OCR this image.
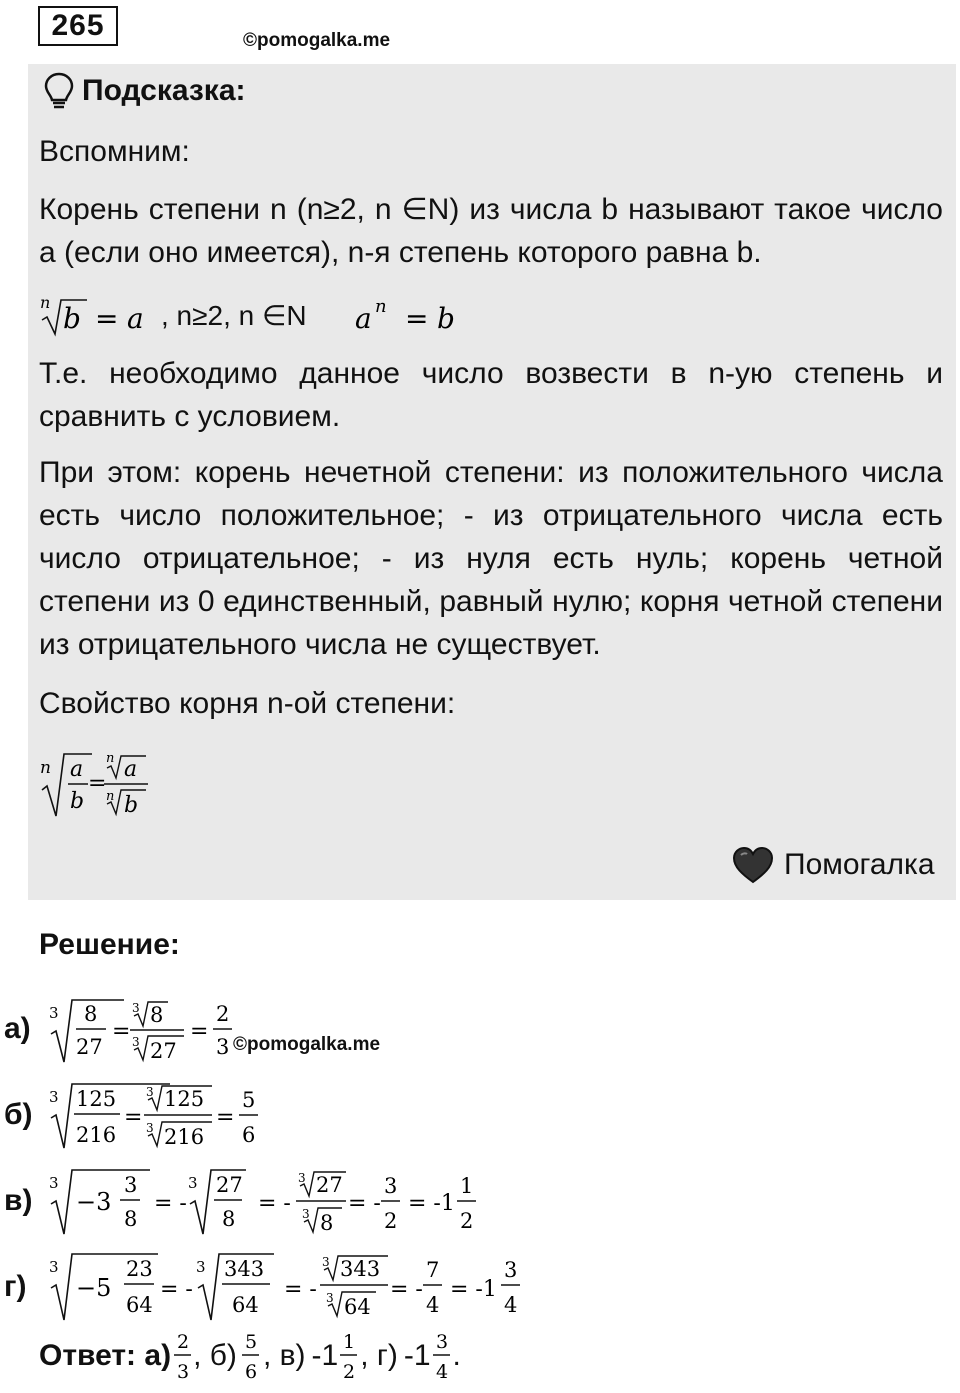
265	©pomogalka.me
Подсказка:
Вспомним:
Корень степени n (n≥2, n ∈N) из числа b называют такое число a (если оно имеется), n-я степень которого равна b.
n b = a , n≥2, n ∈N a n = b
Т.е. необходимо данное число возвести в n-ую степень и сравнить с условием.
При этом: корень нечетной степени: из положительного числа есть число положительное; - из отрицательного числа есть число отрицательное; - из нуля есть нуль; корень четной степени из 0 единственный, равный нулю; корня четной степени из отрицательного числа не существует.
Свойство корня n-ой степени:
n a
b
=
n a
n b
Помогалка
Решение:
а) 3 8
27
=
3 8
3 27
=
2
3 ©pomogalka.me
б)
3 125
216
=
3 125
3 216
=
5
6
в)
3
−3
3
8
= -
3 27
8
= -
3 27
3 8
= -
3
2
= -1
1
2
г)
3
−5
23
64
= -
3 343
64
= -
3 343
3 64
= -
7
4
= -1
3
4
Ответ: а) 2
3 , б) 5
6 , в) -1 1
2 , г) -1 3
4 .
